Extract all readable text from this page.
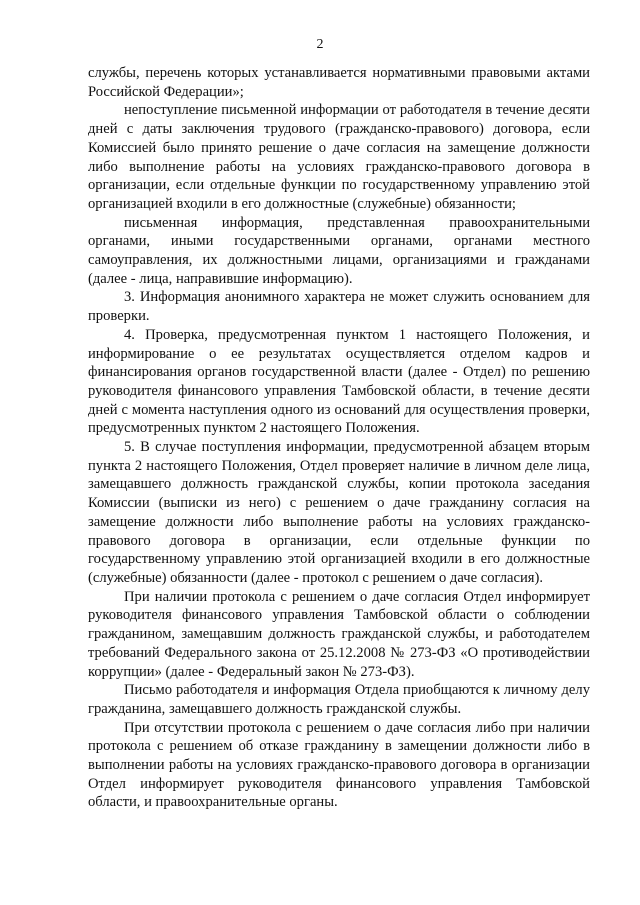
2

службы, перечень которых устанавливается нормативными правовыми актами Российской Федерации»;

непоступление письменной информации от работодателя в течение десяти дней с даты заключения трудового (гражданско-правового) договора, если Комиссией было принято решение о даче согласия на замещение должности либо выполнение работы на условиях гражданско-правового договора в организации, если отдельные функции по государственному управлению этой организацией входили в его должностные (служебные) обязанности;

письменная информация, представленная правоохранительными органами, иными государственными органами, органами местного самоуправления, их должностными лицами, организациями и гражданами (далее - лица, направившие информацию).

3. Информация анонимного характера не может служить основанием для проверки.

4. Проверка, предусмотренная пунктом 1 настоящего Положения, и информирование о ее результатах осуществляется отделом кадров и финансирования органов государственной власти (далее - Отдел) по решению руководителя финансового управления Тамбовской области, в течение десяти дней с момента наступления одного из оснований для осуществления проверки, предусмотренных пунктом 2 настоящего Положения.

5. В случае поступления информации, предусмотренной абзацем вторым пункта 2 настоящего Положения, Отдел проверяет наличие в личном деле лица, замещавшего должность гражданской службы, копии протокола заседания Комиссии (выписки из него) с решением о даче гражданину согласия на замещение должности либо выполнение работы на условиях гражданско-правового договора в организации, если отдельные функции по государственному управлению этой организацией входили в его должностные (служебные) обязанности (далее - протокол с решением о даче согласия).

При наличии протокола с решением о даче согласия Отдел информирует руководителя финансового управления Тамбовской области о соблюдении гражданином, замещавшим должность гражданской службы, и работодателем требований Федерального закона от 25.12.2008 № 273-ФЗ «О противодействии коррупции» (далее - Федеральный закон № 273-ФЗ).

Письмо работодателя и информация Отдела приобщаются к личному делу гражданина, замещавшего должность гражданской службы.

При отсутствии протокола с решением о даче согласия либо при наличии протокола с решением об отказе гражданину в замещении должности либо в выполнении работы на условиях гражданско-правового договора в организации Отдел информирует руководителя финансового управления Тамбовской области, и правоохранительные органы.
